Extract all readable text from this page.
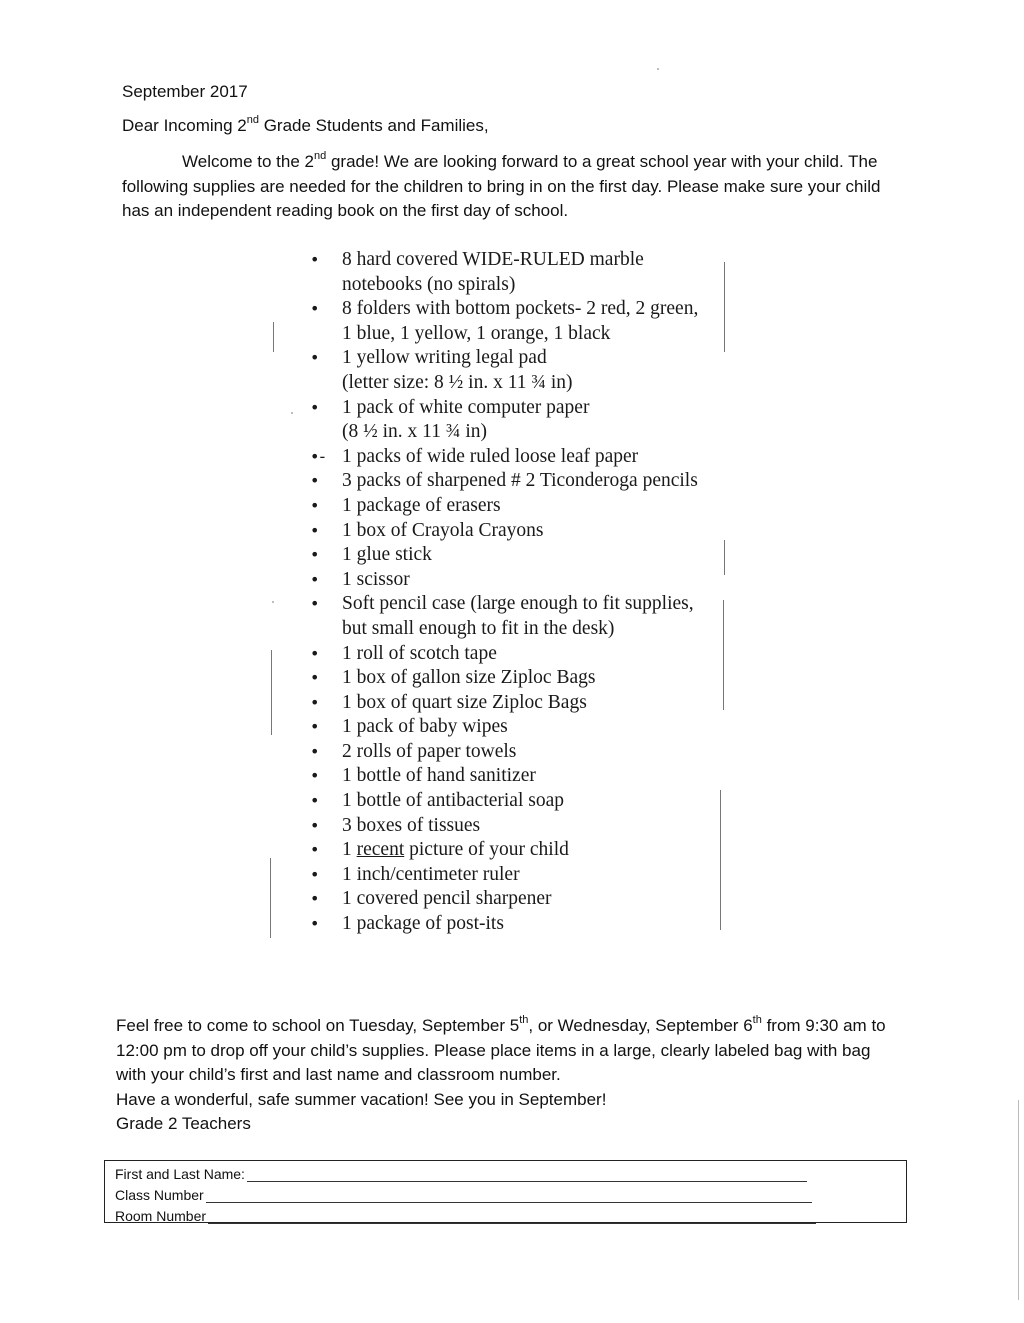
September 2017
Dear Incoming 2nd Grade Students and Families,
Welcome to the 2nd grade! We are looking forward to a great school year with your child. The following supplies are needed for the children to bring in on the first day. Please make sure your child has an independent reading book on the first day of school.
• 8 hard covered WIDE-RULED marble notebooks (no spirals)
• 8 folders with bottom pockets- 2 red, 2 green, 1 blue, 1 yellow, 1 orange, 1 black
• 1 yellow writing legal pad
(letter size: 8 ½ in. x 11 ¾ in)
• 1 pack of white computer paper
(8 ½ in. x 11 ¾ in)
•- 1 packs of wide ruled loose leaf paper
• 3 packs of sharpened # 2 Ticonderoga pencils
• 1 package of erasers
• 1 box of Crayola Crayons
• 1 glue stick
• 1 scissor
• Soft pencil case (large enough to fit supplies, but small enough to fit in the desk)
• 1 roll of scotch tape
• 1 box of gallon size Ziploc Bags
• 1 box of quart size Ziploc Bags
• 1 pack of baby wipes
• 2 rolls of paper towels
• 1 bottle of hand sanitizer
• 1 bottle of antibacterial soap
• 3 boxes of tissues
• 1 recent picture of your child
• 1 inch/centimeter ruler
• 1 covered pencil sharpener
• 1 package of post-its

Feel free to come to school on Tuesday, September 5th, or Wednesday, September 6th from 9:30 am to 12:00 pm to drop off your child’s supplies. Please place items in a large, clearly labeled bag with bag with your child’s first and last name and classroom number.

Have a wonderful, safe summer vacation! See you in September!

Grade 2 Teachers

First and Last Name:
Class Number
Room Number
